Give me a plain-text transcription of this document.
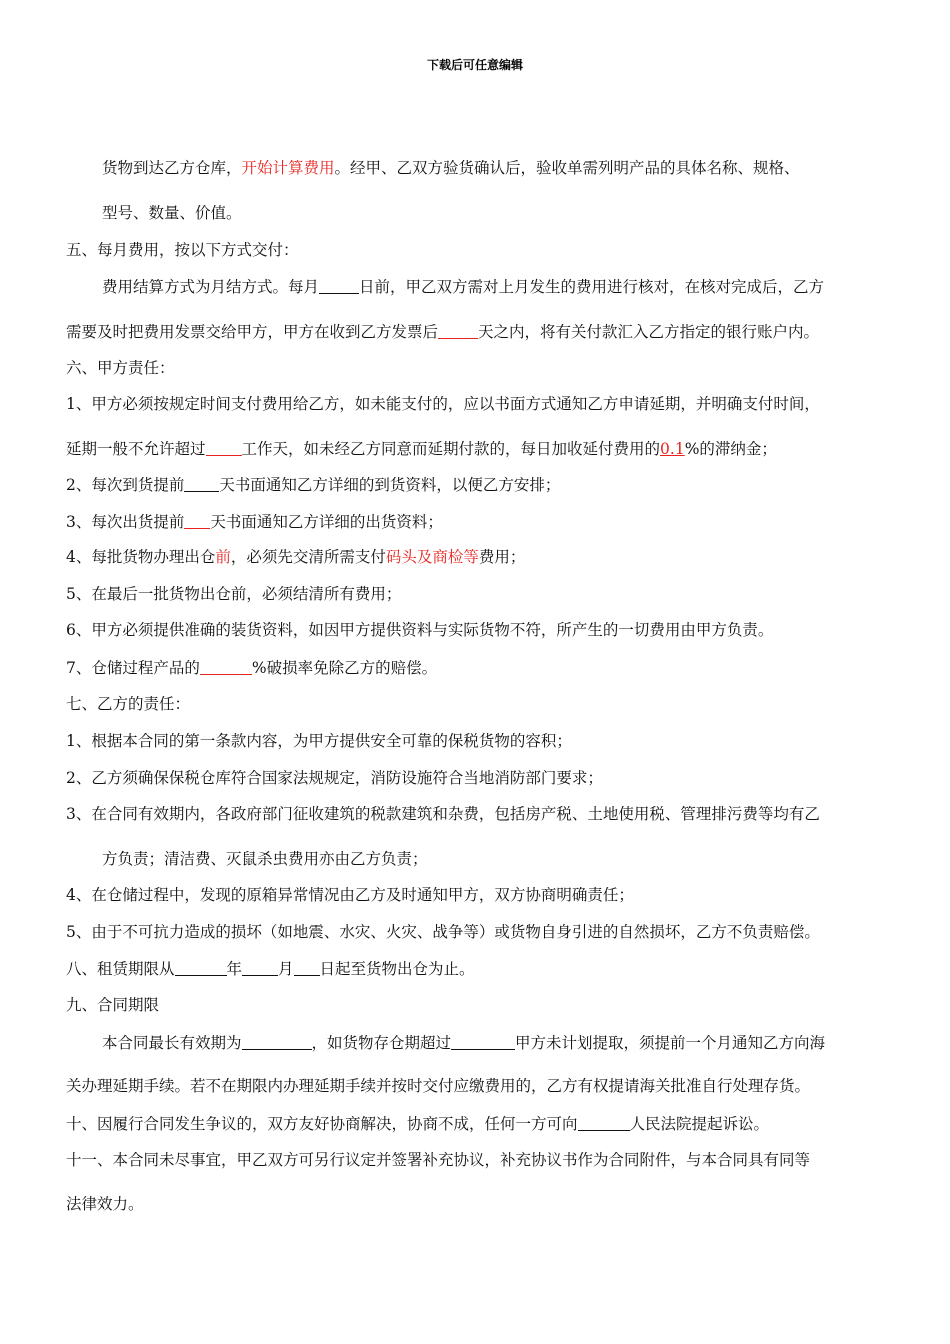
下载后可任意编辑
货物到达乙方仓库，开始计算费用。经甲、乙双方验货确认后，验收单需列明产品的具体名称、规格、
型号、数量、价值。
五、每月费用，按以下方式交付：
费用结算方式为月结方式。每月	日前，甲乙双方需对上月发生的费用进行核对，在核对完成后，乙方
需要及时把费用发票交给甲方，甲方在收到乙方发票后	天之内，将有关付款汇入乙方指定的银行账户内。
六、甲方责任：
1、甲方必须按规定时间支付费用给乙方，如未能支付的，应以书面方式通知乙方申请延期，并明确支付时间，
延期一般不允许超过 工作天，如未经乙方同意而延期付款的，每日加收延付费用的0.1%的滞纳金；
2、每次到货提前 天书面通知乙方详细的到货资料，以便乙方安排；
3、每次出货提前 天书面通知乙方详细的出货资料；
4、每批货物办理出仓前，必须先交清所需支付码头及商检等费用；
5、在最后一批货物出仓前，必须结清所有费用；
6、甲方必须提供准确的装货资料，如因甲方提供资料与实际货物不符，所产生的一切费用由甲方负责。
7、仓储过程产品的	%破损率免除乙方的赔偿。
七、乙方的责任：
1、根据本合同的第一条款内容，为甲方提供安全可靠的保税货物的容积；
2、乙方须确保保税仓库符合国家法规规定，消防设施符合当地消防部门要求；
3、在合同有效期内，各政府部门征收建筑的税款建筑和杂费，包括房产税、土地使用税、管理排污费等均有乙
方负责；清洁费、灭鼠杀虫费用亦由乙方负责；
4、在仓储过程中，发现的原箱异常情况由乙方及时通知甲方，双方协商明确责任；
5、由于不可抗力造成的损坏（如地震、水灾、火灾、战争等）或货物自身引进的自然损坏，乙方不负责赔偿。
八、租赁期限从	年 月 日起至货物出仓为止。
九、合同期限
本合同最长有效期为	，如货物存仓期超过	甲方未计划提取，须提前一个月通知乙方向海
关办理延期手续。若不在期限内办理延期手续并按时交付应缴费用的，乙方有权提请海关批准自行处理存货。
十、因履行合同发生争议的，双方友好协商解决，协商不成，任何一方可向	人民法院提起诉讼。
十一、本合同未尽事宜，甲乙双方可另行议定并签署补充协议，补充协议书作为合同附件，与本合同具有同等
法律效力。
